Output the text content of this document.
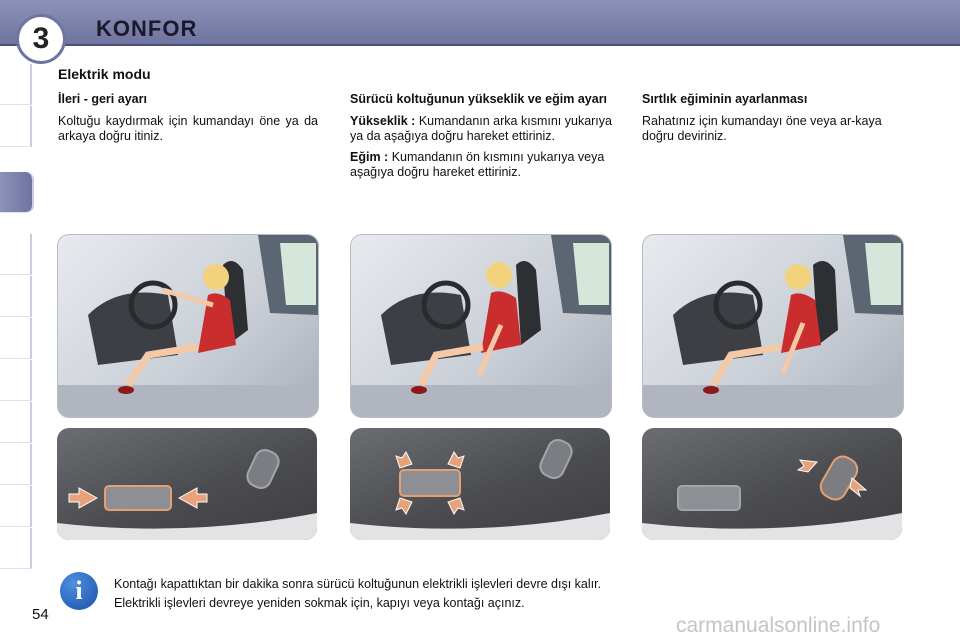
3 KONFOR
Elektrik modu
İleri - geri ayarı

Koltuğu kaydırmak için kumandayı öne ya da arkaya doğru itiniz.

Sürücü koltuğunun yükseklik ve eğim ayarı

Yükseklik : Kumandanın arka kısmını yukarıya ya da aşağıya doğru hareket ettiriniz.

Eğim : Kumandanın ön kısmını yukarıya veya aşağıya doğru hareket ettiriniz.

Sırtlık eğiminin ayarlanması

Rahatınız için kumandayı öne veya ar-kaya doğru deviriniz.

i	Kontağı kapattıktan bir dakika sonra sürücü koltuğunun elektrikli işlevleri devre dışı kalır.
Elektrikli işlevleri devreye yeniden sokmak için, kapıyı veya kontağı açınız.
54	carmanualsonline.info
